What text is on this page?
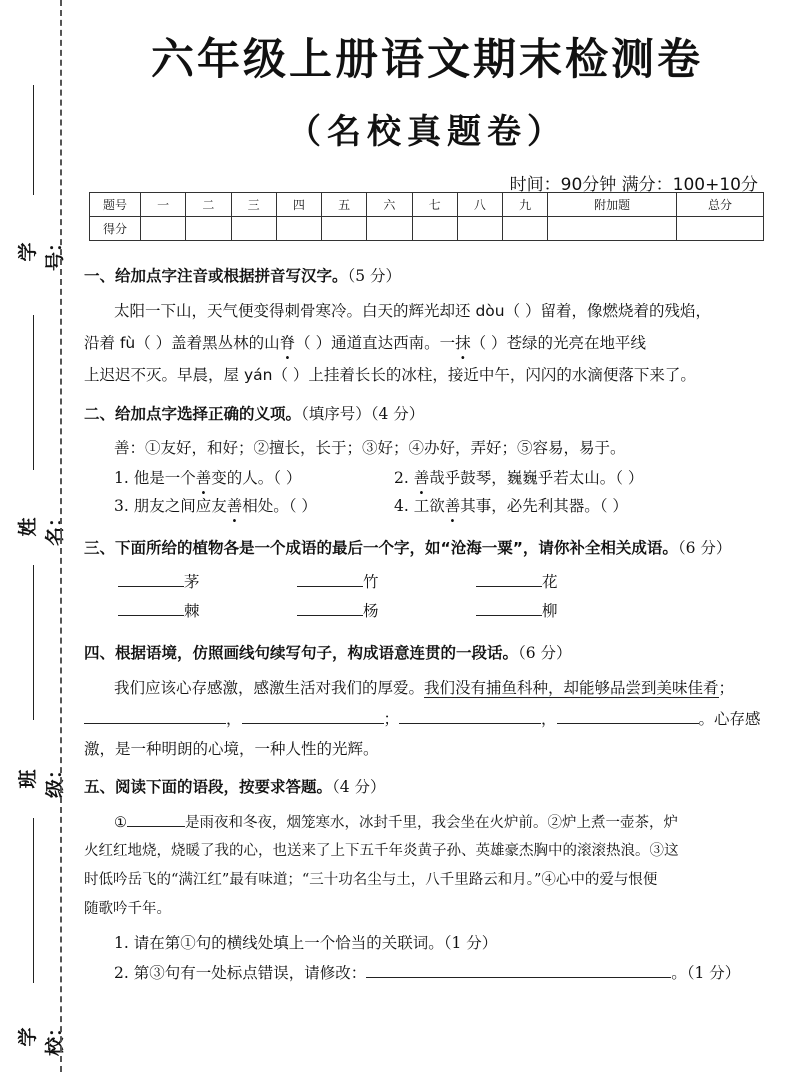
学号：
姓名：
班级：
学校：
六年级上册语文期末检测卷
（名校真题卷）
时间：90分钟 满分：100+10分
题号	一	二	三	四	五	六	七	八	九	附加题	总分
得分											
一、给加点字注音或根据拼音写汉字。（5 分）
太阳一下山，天气便变得刺骨寒冷。白天的辉光却还 dòu（ ）留着，像燃烧着的残焰，
沿着 fù（ ）盖着黑丛林的山脊（ ）通道直达西南。一抹（ ）苍绿的光亮在地平线
上迟迟不灭。早晨，屋 yán（ ）上挂着长长的冰柱，接近中午，闪闪的水滴便落下来了。
二、给加点字选择正确的义项。（填序号）（4 分）
善：①友好，和好；②擅长，长于；③好；④办好，弄好；⑤容易，易于。
1. 他是一个善变的人。（ ）	2. 善哉乎鼓琴，巍巍乎若太山。（ ）
3. 朋友之间应友善相处。（ ）	4. 工欲善其事，必先利其器。（ ）
三、下面所给的植物各是一个成语的最后一个字，如“沧海一粟”，请你补全相关成语。（6 分）
茅	竹	花
棘	杨	柳
四、根据语境，仿照画线句续写句子，构成语意连贯的一段话。（6 分）
我们应该心存感激，感激生活对我们的厚爱。我们没有捕鱼科种，却能够品尝到美味佳肴；
，	；	，	。心存感
激，是一种明朗的心境，一种人性的光辉。
五、阅读下面的语段，按要求答题。（4 分）
①	是雨夜和冬夜，烟笼寒水，冰封千里，我会坐在火炉前。②炉上煮一壶茶，炉
火红红地烧，烧暖了我的心，也送来了上下五千年炎黄子孙、英雄豪杰胸中的滚滚热浪。③这
时低吟岳飞的“满江红”最有味道；“三十功名尘与土，八千里路云和月。”④心中的爱与恨便
随歌吟千年。
1. 请在第①句的横线处填上一个恰当的关联词。（1 分）
2. 第③句有一处标点错误，请修改：	。（1 分）
